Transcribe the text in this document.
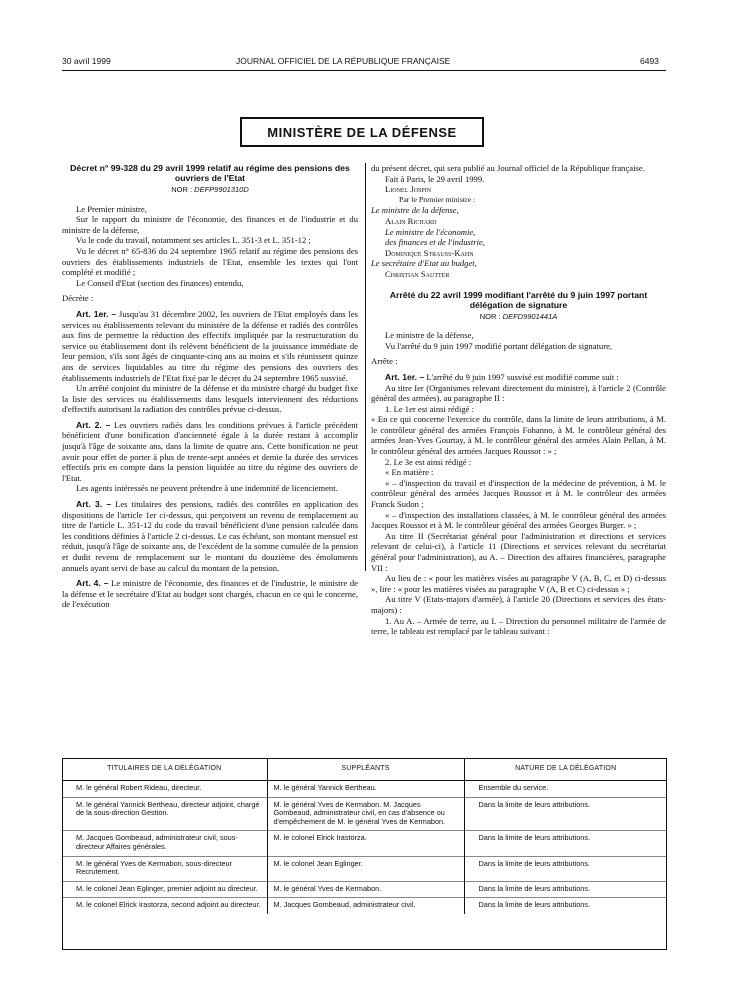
30 avril 1999	JOURNAL OFFICIEL DE LA RÉPUBLIQUE FRANÇAISE	6493
MINISTÈRE DE LA DÉFENSE
Décret n° 99-328 du 29 avril 1999 relatif au régime des pensions des ouvriers de l'Etat
NOR : DEFP9901310D

Le Premier ministre,

Sur le rapport du ministre de l'économie, des finances et de l'industrie et du ministre de la défense,

Vu le code du travail, notamment ses articles L. 351-3 et L. 351-12 ;

Vu le décret n° 65-836 du 24 septembre 1965 relatif au régime des pensions des ouvriers des établissements industriels de l'Etat, ensemble les textes qui l'ont complété et modifié ;

Le Conseil d'Etat (section des finances) entendu,

Décrète :

Art. 1er. – Jusqu'au 31 décembre 2002, les ouvriers de l'Etat employés dans les services ou établissements relevant du ministère de la défense et radiés des contrôles aux fins de permettre la réduction des effectifs impliquée par la restructuration du service ou établissement dont ils relèvent bénéficient de la jouissance immédiate de leur pension, s'ils sont âgés de cinquante-cinq ans au moins et s'ils réunissent quinze ans de services liquidables au titre du régime des pensions des ouvriers des établissements industriels de l'Etat fixé par le décret du 24 septembre 1965 susvisé.

Un arrêté conjoint du ministre de la défense et du ministre chargé du budget fixe la liste des services ou établissements dans lesquels interviennent des réductions d'effectifs autorisant la radiation des contrôles prévue ci-dessus.

Art. 2. – Les ouvriers radiés dans les conditions prévues à l'article précédent bénéficient d'une bonification d'ancienneté égale à la durée restant à accomplir jusqu'à l'âge de soixante ans, dans la limite de quatre ans. Cette bonification ne peut avoir pour effet de porter à plus de trente-sept années et demie la durée des services effectifs pris en compte dans la pension liquidée au titre du régime des ouvriers de l'Etat.

Les agents intéressés ne peuvent prétendre à une indemnité de licenciement.

Art. 3. – Les titulaires des pensions, radiés des contrôles en application des dispositions de l'article 1er ci-dessus, qui perçoivent un revenu de remplacement au titre de l'article L. 351-12 du code du travail bénéficient d'une pension calculée dans les conditions définies à l'article 2 ci-dessus. Le cas échéant, son montant mensuel est réduit, jusqu'à l'âge de soixante ans, de l'excédent de la somme cumulée de la pension et dudit revenu de remplacement sur le montant du douzième des émoluments annuels ayant servi de base au calcul du montant de la pension.

Art. 4. – Le ministre de l'économie, des finances et de l'industrie, le ministre de la défense et le secrétaire d'Etat au budget sont chargés, chacun en ce qui le concerne, de l'exécution

du présent décret, qui sera publié au Journal officiel de la République française.

Fait à Paris, le 29 avril 1999.

Lionel Jospin

Par le Premier ministre :

Le ministre de la défense,

Alain Richard

Le ministre de l'économie,

des finances et de l'industrie,

Dominique Strauss-Kahn

Le secrétaire d'Etat au budget,

Christian Sautter

Arrêté du 22 avril 1999 modifiant l'arrêté du 9 juin 1997 portant délégation de signature
NOR : DEFD9901441A

Le ministre de la défense,

Vu l'arrêté du 9 juin 1997 modifié portant délégation de signature,

Arrête :

Art. 1er. – L'arrêté du 9 juin 1997 susvisé est modifié comme suit :

Au titre Ier (Organismes relevant directement du ministre), à l'article 2 (Contrôle général des armées), au paragraphe II :

1. Le 1er est ainsi rédigé :

« En ce qui concerne l'exercice du contrôle, dans la limite de leurs attributions, à M. le contrôleur général des armées François Fohanno, à M. le contrôleur général des armées Jean-Yves Gourtay, à M. le contrôleur général des armées Alain Pellan, à M. le contrôleur général des armées Jacques Roussot : » ;

2. Le 3e est ainsi rédigé :

« En matière :

« – d'inspection du travail et d'inspection de la médecine de prévention, à M. le contrôleur général des armées Jacques Roussot et à M. le contrôleur des armées Franck Sudon ;

« – d'inspection des installations classées, à M. le contrôleur général des armées Jacques Roussot et à M. le contrôleur général des armées Georges Burger. » ;

Au titre II (Secrétariat général pour l'administration et directions et services relevant de celui-ci), à l'article 11 (Directions et services relevant du secrétariat général pour l'administration), au A. – Direction des affaires financières, paragraphe VII :

Au lieu de : « pour les matières visées au paragraphe V (A, B, C, et D) ci-dessus », lire : « pour les matières visées au paragraphe V (A, B et C) ci-dessus » ;

Au titre V (Etats-majors d'armée), à l'article 20 (Directions et services des états-majors) :

1. Au A. – Armée de terre, au I. – Direction du personnel militaire de l'armée de terre, le tableau est remplacé par le tableau suivant :

TITULAIRES DE LA DÉLÉGATION	SUPPLÉANTS	NATURE DE LA DÉLÉGATION
M. le général Robert Rideau, directeur.	M. le général Yannick Bertheau.	Ensemble du service.
M. le général Yannick Bertheau, directeur adjoint, chargé de la sous-direction Gestion.	M. le général Yves de Kermabon. M. Jacques Gombeaud, administrateur civil, en cas d'absence ou d'empêchement de M. le général Yves de Kermabon.	Dans la limite de leurs attributions.
M. Jacques Gombeaud, administrateur civil, sous-directeur Affaires générales.	M. le colonel Elrick Irastorza.	Dans la limite de leurs attributions.
M. le général Yves de Kermabon, sous-directeur Recrutement.	M. le colonel Jean Eglinger.	Dans la limite de leurs attributions.
M. le colonel Jean Eglinger, premier adjoint au directeur.	M. le général Yves de Kermabon.	Dans la limite de leurs attributions.
M. le colonel Elrick Irastorza, second adjoint au directeur.	M. Jacques Gombeaud, administrateur civil.	Dans la limite de leurs attributions.
